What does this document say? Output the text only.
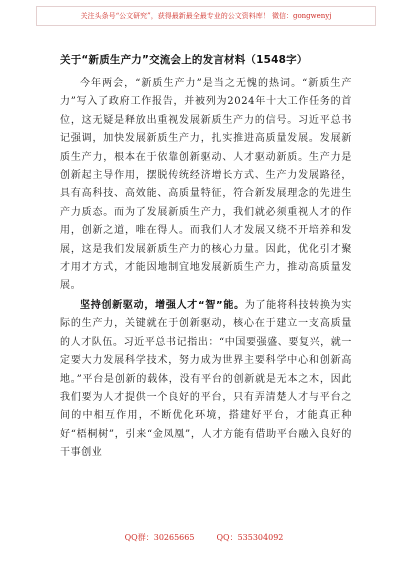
关注头条号“公文研究”，获得最新最全最专业的公文资料库！ 微信：gongwenyj
关于“新质生产力”交流会上的发言材料（1548字）

今年两会，“新质生产力”是当之无愧的热词。“新质生产力”写入了政府工作报告，并被列为2024年十大工作任务的首位，这无疑是释放出重视发展新质生产力的信号。习近平总书记强调，加快发展新质生产力，扎实推进高质量发展。发展新质生产力，根本在于依靠创新驱动、人才驱动新质。生产力是创新起主导作用，摆脱传统经济增长方式、生产力发展路径，具有高科技、高效能、高质量特征，符合新发展理念的先进生产力质态。而为了发展新质生产力，我们就必须重视人才的作用，创新之道，唯在得人。而我们人才发展又绕不开培养和发展，这是我们发展新质生产力的核心力量。因此，优化引才聚才用才方式，才能因地制宜地发展新质生产力，推动高质量发展。

坚持创新驱动，增强人才“智”能。为了能将科技转换为实际的生产力，关键就在于创新驱动，核心在于建立一支高质量的人才队伍。习近平总书记指出：“中国要强盛、要复兴，就一定要大力发展科学技术，努力成为世界主要科学中心和创新高地。”平台是创新的载体，没有平台的创新就是无本之木，因此我们要为人才提供一个良好的平台，只有弄清楚人才与平台之间的中相互作用，不断优化环境，搭建好平台，才能真正种好“梧桐树”，引来“金凤凰”，人才方能有借助平台融入良好的干事创业

QQ群：30265665	QQ：535304092
